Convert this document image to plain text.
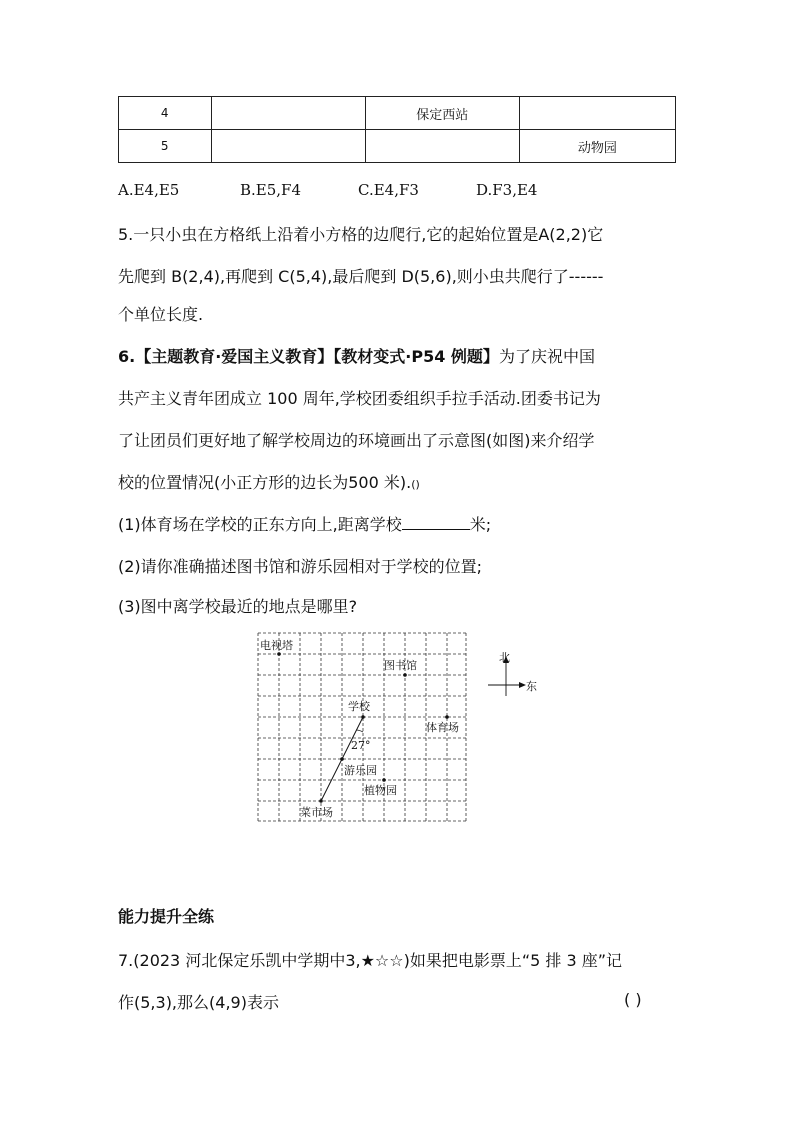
4		保定西站	
5			动物园
A.E4,E5	B.E5,F4	C.E4,F3	D.F3,E4
5.一只小虫在方格纸上沿着小方格的边爬行,它的起始位置是A(2,2)它
先爬到 B(2,4),再爬到 C(5,4),最后爬到 D(5,6),则小虫共爬行了------
个单位长度.
6.【主题教育·爱国主义教育】【教材变式·P54 例题】为了庆祝中国
共产主义青年团成立 100 周年,学校团委组织手拉手活动.团委书记为
了让团员们更好地了解学校周边的环境画出了示意图(如图)来介绍学
校的位置情况(小正方形的边长为500 米).()
(1)体育场在学校的正东方向上,距离学校	米;
(2)请你准确描述图书馆和游乐园相对于学校的位置;
(3)图中离学校最近的地点是哪里?
电视塔
图书馆
学校
体育场
27°
游乐园
植物园
菜市场
北
东
能力提升全练
7.(2023 河北保定乐凯中学期中3,★☆☆)如果把电影票上“5 排 3 座”记
作(5,3),那么(4,9)表示	( )
